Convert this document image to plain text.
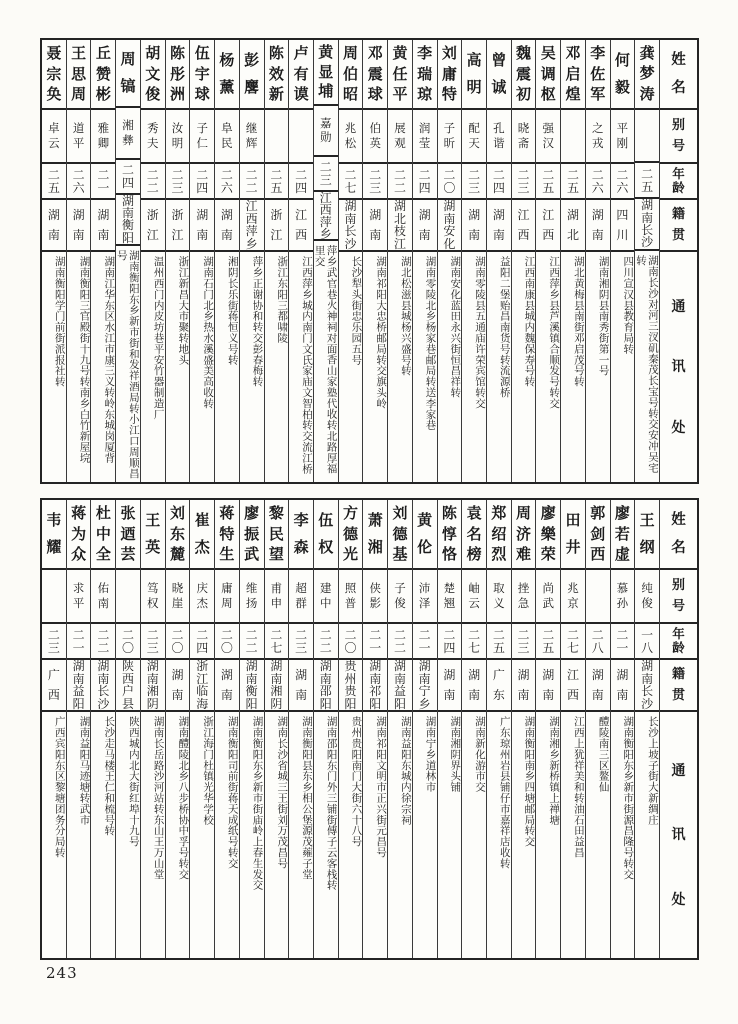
姓
名
别
号
年
龄
籍
贯
通
讯
处
龚
梦
涛
二
五
湖
南
长
沙
湖南长沙对河三汊矶秦茂长宝号转交安冲吴宅转
何
毅
平
刚
二
六
四
川
四川宣汉县教育局转
李
佐
军
之
戎
二
六
湖
南
湖南湘阴县南秀街第一号
邓
启
煌
二
五
湖
北
湖北黄梅县南街邓启茂号转
吴
调
枢
强
汉
二
五
江
西
江西萍乡县芦溪镇合顺发号转交
魏
震
初
晓
斋
二
三
江
西
江西南康县城内魏保寿号转
曾
诚
孔
谐
二
四
湖
南
益阳二堡贻昌南货号转流源桥
高
明
配
天
二
三
湖
南
湖南零陵县五通庙许荣宾馆转交
刘
庸
特
子
昕
二
〇
湖
南
安
化
湖南安化蓝田永兴街恒昌祥转
李
瑞
琼
润
莹
二
四
湖
南
湖南零陵北乡杨家巷邮局转送李家巷
黄
任
平
展
观
二
二
湖
北
枝
江
湖北松滋县城杨兴盛号转
邓
震
球
伯
英
二
三
湖
南
湖南祁阳大忠桥邮局转交旗头岭
周
伯
昭
兆
松
二
七
湖
南
长
沙
长沙犁头街忠乐园五号
黄
显
埔
嘉
勋
二
三
江
西
萍
乡
萍乡武官巷火神祠对面香山家塾代收转北路厚福里交
卢
有
谟
二
四
江
西
江西萍乡城内南门文氏家庙文智柏转交流江桥
陈
效
新
二
五
浙
江
浙江东阳三都啸陵
彭
麐
继
辉
二
二
江
西
萍
乡
萍乡正谢协和转交彭春梅转
杨
薰
阜
民
二
六
湖
南
湘阴长乐街蒋恒义号转
伍
宇
球
子
仁
二
四
湖
南
湖南石门北乡热水溪盛美高收转
陈
彤
洲
汝
明
二
三
浙
江
浙江新昌大市聚转地头
胡
文
俊
秀
夫
二
二
浙
江
温州西门内皮坊巷平安竹器制造厂
周
镐
湘
彝
二
四
湖
南
衡
阳
湖南衡阳东乡新市街和发祥酒局转小江口周顺昌号
丘
赞
彬
雅
卿
二
一
湖
南
湖南江华东区水江市康三义转岭东城岗厦背
王
思
周
道
平
二
六
湖
南
湖南衡阳三官殿街十九号转南乡白竹新屋垸
聂
宗
奂
卓
云
二
五
湖
南
湖南衡阳学门前街派报社转
姓
名
别
号
年
龄
籍
贯
通
讯
处
王
纲
纯
俊
一
八
湖
南
长
沙
长沙上坡子街大新绸庄
廖
若
虚
慕
孙
二
一
湖
南
湖南衡阳东乡新市街源昌隆号转交
郭
剑
西
二
八
湖
南
醴陵南三区鳌仙
田
井
兆
京
二
七
江
西
江西上犹祥美和转油石田益昌
廖
樂
荣
尚
武
二
五
湖
南
湖南湘乡新桥镇上禅塘
周
济
难
挫
急
二
三
湖
南
湖南衡阳南乡四塘邮局转交
郑
绍
烈
取
义
二
五
广
东
广东琼州岩县铺仔市嘉祥店收转
袁
名
榜
岫
云
二
七
湖
南
湖南新化游市交
陈
惇
恪
楚
翘
二
四
湖
南
湖南湘阴界头铺
黄
伦
沛
泽
二
一
湖
南
宁
乡
湖南宁乡道林市
刘
德
基
子
俊
二
二
湖
南
益
阳
湖南益阳东城内徐宗祠
萧
湘
侠
影
二
一
湖
南
祁
阳
湖南祁阳文明市正兴街元昌号
方
德
光
照
普
二
〇
贵
州
贵
阳
贵州贵阳南门大街六十八号
伍
权
建
中
二
二
湖
南
邵
阳
湖南邵阳东门外三铺街傅子云客栈转
李
森
超
群
二
三
湖
南
湖南衡阳县东乡相公堡源茂蕹子堂
黎
民
望
甫
申
二
七
湖
南
湘
阴
湖南长沙省城三王街刘万茂昌号
廖
振
武
维
扬
二
二
湖
南
衡
阳
湖南衡阳东乡新市街庙岭上春生发交
蒋
特
生
庸
周
二
〇
湖
南
湖南衡阳司前街蒋天成纸号转交
崔
杰
庆
杰
二
四
浙
江
临
海
浙江海门杜镇光华学校
刘
东
麓
晓
崖
二
〇
湖
南
湖南醴陵北乡八步桥协中孚号转交
王
英
笃
权
二
三
湖
南
湘
阴
湖南长岳路沙河站转东山王万山堂
张
迺
芸
二
〇
陕
西
户
县
陕西城内北大街红埠十九号
杜
中
全
佑
南
二
二
湖
南
长
沙
长沙走马楼王仁和梳号转
蒋
为
众
求
平
二
一
湖
南
益
阳
湖南益阳马迹塘转武市
韦
耀
二
三
广
西
广西宾阳东区黎塘团务分局转
243
